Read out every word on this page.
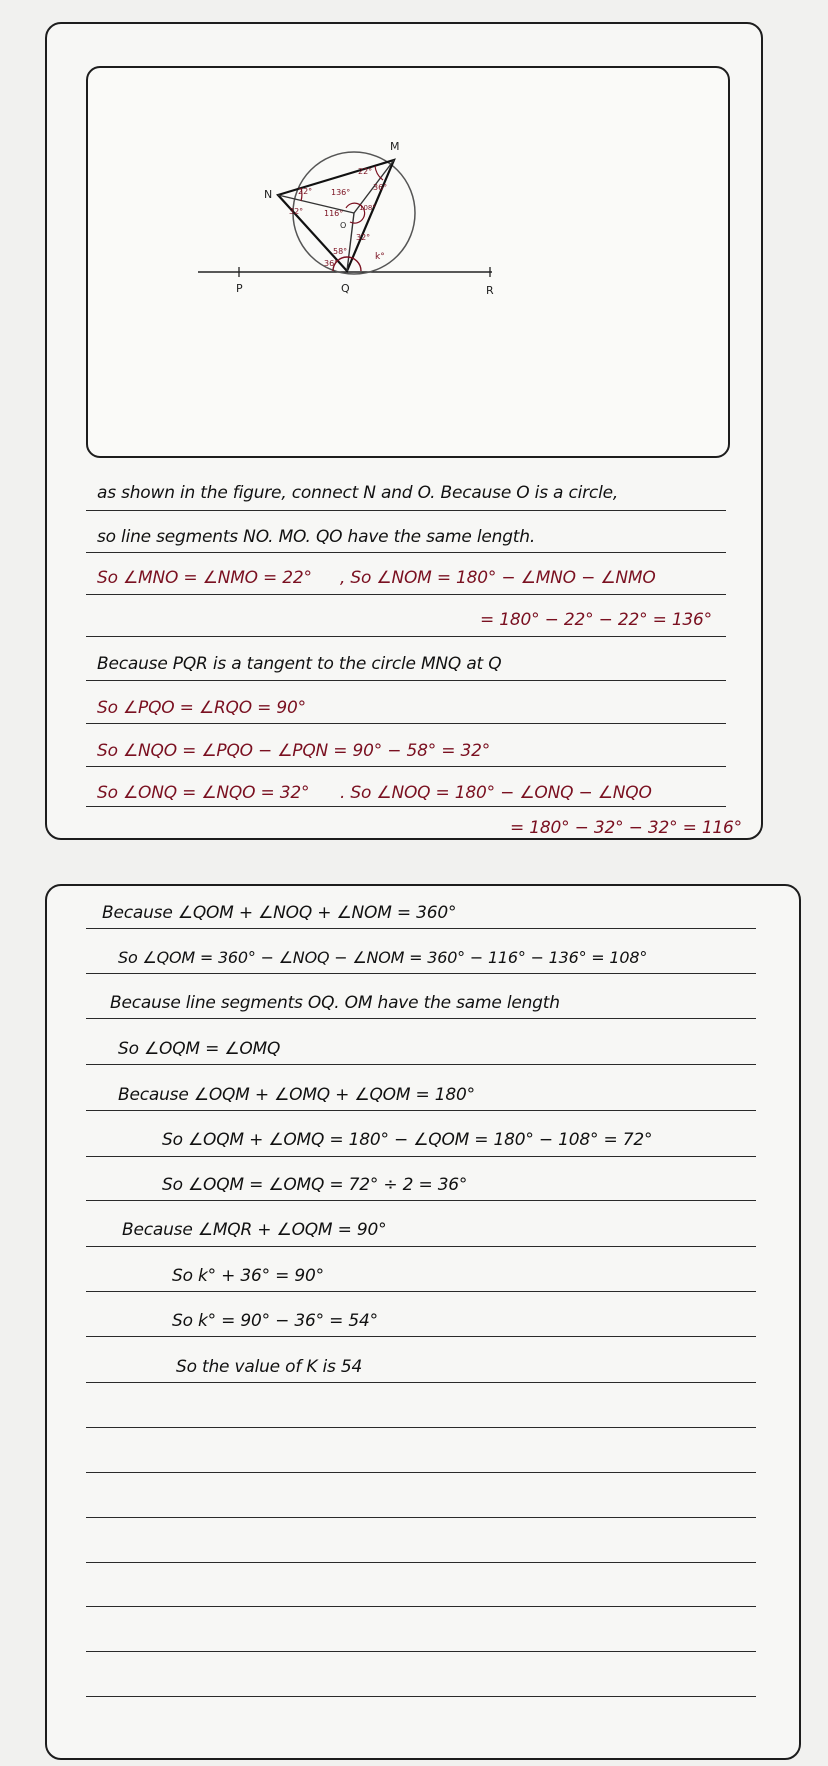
M
N
O
P	Q	R
22°
22° 136°
36°
108°
32°	116°
32°
58°
36°
k°
as shown in the figure, connect N and O. Because O is a circle,
so line segments NO. MO. QO have the same length.
So ∠MNO = ∠NMO = 22° , So ∠NOM = 180° − ∠MNO − ∠NMO
= 180° − 22° − 22° = 136°
Because PQR is a tangent to the circle MNQ at Q
So ∠PQO = ∠RQO = 90°
So ∠NQO = ∠PQO − ∠PQN = 90° − 58° = 32°
So ∠ONQ = ∠NQO = 32° . So ∠NOQ = 180° − ∠ONQ − ∠NQO
= 180° − 32° − 32° = 116°
Because ∠QOM + ∠NOQ + ∠NOM = 360°
So ∠QOM = 360° − ∠NOQ − ∠NOM = 360° − 116° − 136° = 108°
Because line segments OQ. OM have the same length
So ∠OQM = ∠OMQ
Because ∠OQM + ∠OMQ + ∠QOM = 180°
So ∠OQM + ∠OMQ = 180° − ∠QOM = 180° − 108° = 72°
So ∠OQM = ∠OMQ = 72° ÷ 2 = 36°
Because ∠MQR + ∠OQM = 90°
So k° + 36° = 90°
So k° = 90° − 36° = 54°
So the value of K is 54
